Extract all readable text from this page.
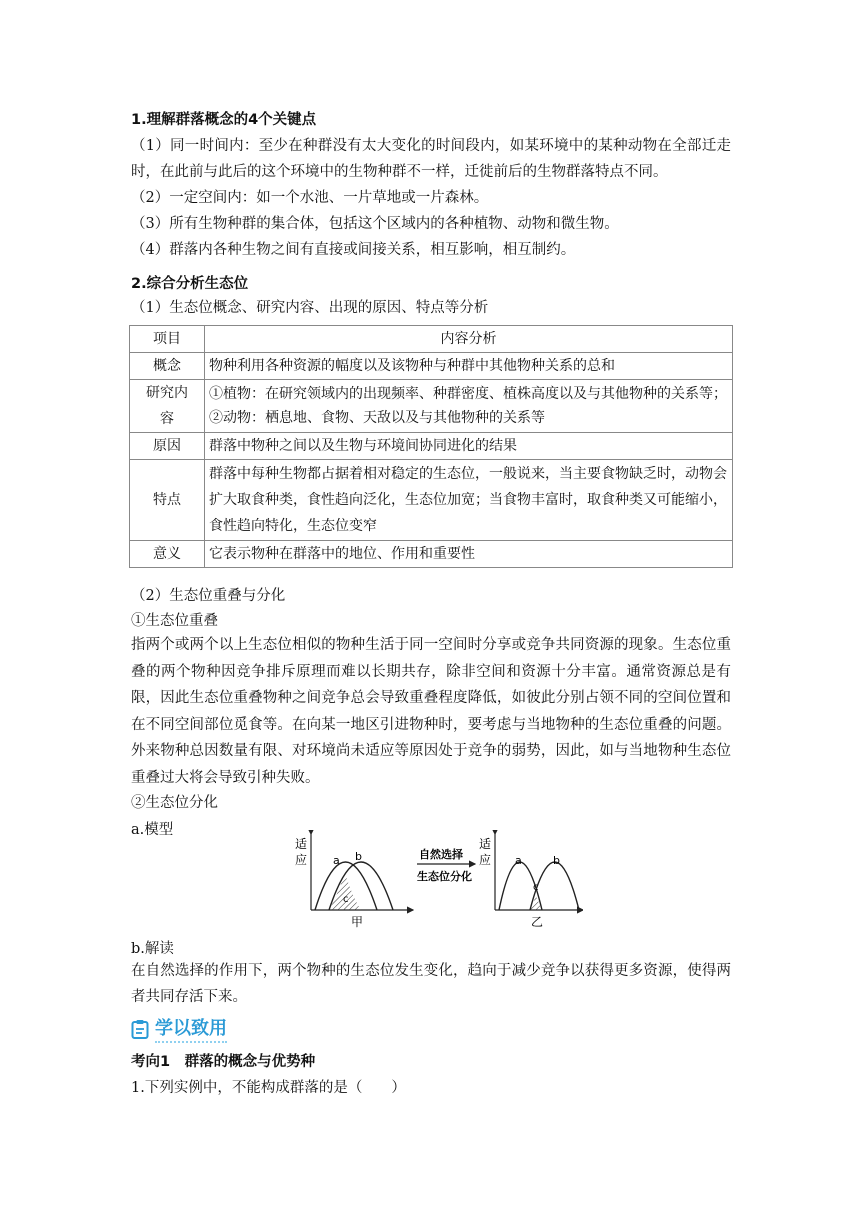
1.理解群落概念的4个关键点
（1）同一时间内：至少在种群没有太大变化的时间段内，如某环境中的某种动物在全部迁走时，在此前与此后的这个环境中的生物种群不一样，迁徙前后的生物群落特点不同。
（2）一定空间内：如一个水池、一片草地或一片森林。
（3）所有生物种群的集合体，包括这个区域内的各种植物、动物和微生物。
（4）群落内各种生物之间有直接或间接关系，相互影响，相互制约。
2.综合分析生态位
（1）生态位概念、研究内容、出现的原因、特点等分析
项目	内容分析
概念	物种利用各种资源的幅度以及该物种与种群中其他物种关系的总和
研究内容	①植物：在研究领域内的出现频率、种群密度、植株高度以及与其他物种的关系等；
②动物：栖息地、食物、天敌以及与其他物种的关系等

原因	群落中物种之间以及生物与环境间协同进化的结果
特点	群落中每种生物都占据着相对稳定的生态位，一般说来，当主要食物缺乏时，动物会扩大取食种类，食性趋向泛化，生态位加宽；当食物丰富时，取食种类又可能缩小，食性趋向特化，生态位变窄
意义	它表示物种在群落中的地位、作用和重要性
（2）生态位重叠与分化
①生态位重叠
指两个或两个以上生态位相似的物种生活于同一空间时分享或竞争共同资源的现象。生态位重叠的两个物种因竞争排斥原理而难以长期共存，除非空间和资源十分丰富。通常资源总是有限，因此生态位重叠物种之间竞争总会导致重叠程度降低，如彼此分别占领不同的空间位置和在不同空间部位觅食等。在向某一地区引进物种时，要考虑与当地物种的生态位重叠的问题。外来物种总因数量有限、对环境尚未适应等原因处于竞争的弱势，因此，如与当地物种生态位重叠过大将会导致引种失败。
②生态位分化
a.模型
适
应 a b
c
甲
自然选择
生态位分化
适
应 a	b
c
乙
b.解读
在自然选择的作用下，两个物种的生态位发生变化，趋向于减少竞争以获得更多资源，使得两者共同存活下来。
学以致用
考向1　群落的概念与优势种
1.下列实例中，不能构成群落的是（　　）
